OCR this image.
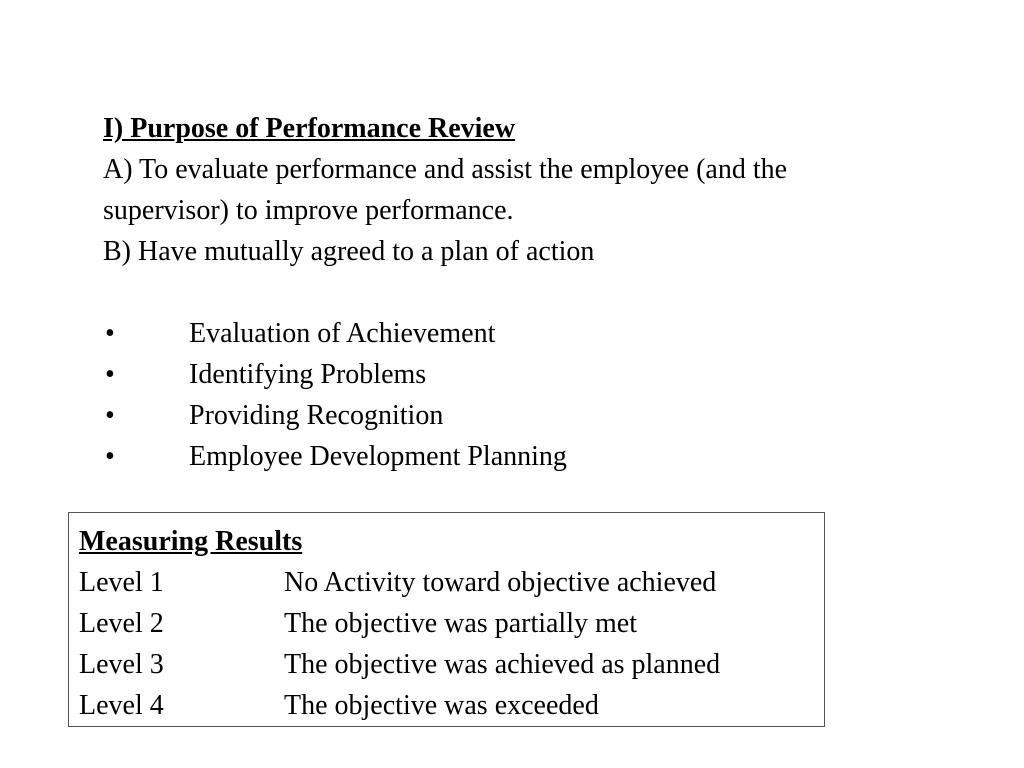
I) Purpose of Performance Review
A) To evaluate performance and assist the employee (and the
supervisor) to improve performance.
B) Have mutually agreed to a plan of action
•	Evaluation of Achievement
•	Identifying Problems
•	Providing Recognition
•	Employee Development Planning
Measuring Results
Level 1	No Activity toward objective achieved
Level 2	The objective was partially met
Level 3	The objective was achieved as planned
Level 4	The objective was exceeded
